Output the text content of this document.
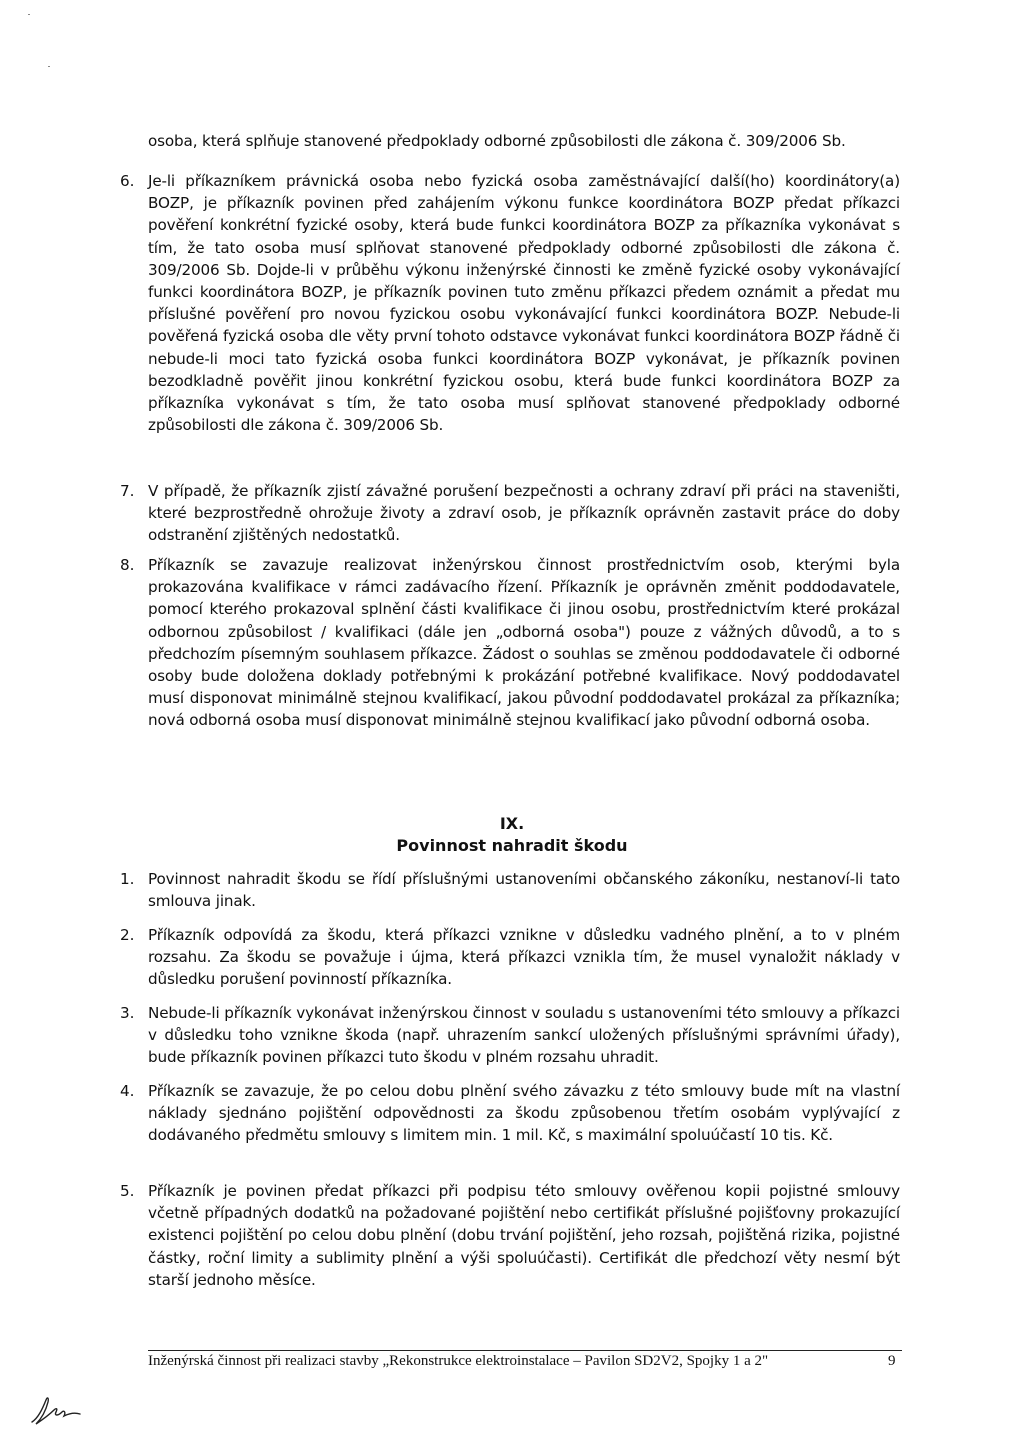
osoba, která splňuje stanovené předpoklady odborné způsobilosti dle zákona č. 309/2006 Sb.
6. Je-li příkazníkem právnická osoba nebo fyzická osoba zaměstnávající další(ho) koordinátory(a) BOZP, je příkazník povinen před zahájením výkonu funkce koordinátora BOZP předat příkazci pověření konkrétní fyzické osoby, která bude funkci koordinátora BOZP za příkazníka vykonávat s tím, že tato osoba musí splňovat stanovené předpoklady odborné způsobilosti dle zákona č. 309/2006 Sb. Dojde-li v průběhu výkonu inženýrské činnosti ke změně fyzické osoby vykonávající funkci koordinátora BOZP, je příkazník povinen tuto změnu příkazci předem oznámit a předat mu příslušné pověření pro novou fyzickou osobu vykonávající funkci koordinátora BOZP. Nebude-li pověřená fyzická osoba dle věty první tohoto odstavce vykonávat funkci koordinátora BOZP řádně či nebude-li moci tato fyzická osoba funkci koordinátora BOZP vykonávat, je příkazník povinen bezodkladně pověřit jinou konkrétní fyzickou osobu, která bude funkci koordinátora BOZP za příkazníka vykonávat s tím, že tato osoba musí splňovat stanovené předpoklady odborné způsobilosti dle zákona č. 309/2006 Sb.
7. V případě, že příkazník zjistí závažné porušení bezpečnosti a ochrany zdraví při práci na staveništi, které bezprostředně ohrožuje životy a zdraví osob, je příkazník oprávněn zastavit práce do doby odstranění zjištěných nedostatků.
8. Příkazník se zavazuje realizovat inženýrskou činnost prostřednictvím osob, kterými byla prokazována kvalifikace v rámci zadávacího řízení. Příkazník je oprávněn změnit poddodavatele, pomocí kterého prokazoval splnění části kvalifikace či jinou osobu, prostřednictvím které prokázal odbornou způsobilost / kvalifikaci (dále jen „odborná osoba") pouze z vážných důvodů, a to s předchozím písemným souhlasem příkazce. Žádost o souhlas se změnou poddodavatele či odborné osoby bude doložena doklady potřebnými k prokázání potřebné kvalifikace. Nový poddodavatel musí disponovat minimálně stejnou kvalifikací, jakou původní poddodavatel prokázal za příkazníka; nová odborná osoba musí disponovat minimálně stejnou kvalifikací jako původní odborná osoba.
IX.
Povinnost nahradit škodu
1. Povinnost nahradit škodu se řídí příslušnými ustanoveními občanského zákoníku, nestanoví-li tato smlouva jinak.
2. Příkazník odpovídá za škodu, která příkazci vznikne v důsledku vadného plnění, a to v plném rozsahu. Za škodu se považuje i újma, která příkazci vznikla tím, že musel vynaložit náklady v důsledku porušení povinností příkazníka.
3. Nebude-li příkazník vykonávat inženýrskou činnost v souladu s ustanoveními této smlouvy a příkazci v důsledku toho vznikne škoda (např. uhrazením sankcí uložených příslušnými správními úřady), bude příkazník povinen příkazci tuto škodu v plném rozsahu uhradit.
4. Příkazník se zavazuje, že po celou dobu plnění svého závazku z této smlouvy bude mít na vlastní náklady sjednáno pojištění odpovědnosti za škodu způsobenou třetím osobám vyplývající z dodávaného předmětu smlouvy s limitem min. 1 mil. Kč, s maximální spoluúčastí 10 tis. Kč.
5. Příkazník je povinen předat příkazci při podpisu této smlouvy ověřenou kopii pojistné smlouvy včetně případných dodatků na požadované pojištění nebo certifikát příslušné pojišťovny prokazující existenci pojištění po celou dobu plnění (dobu trvání pojištění, jeho rozsah, pojištěná rizika, pojistné částky, roční limity a sublimity plnění a výši spoluúčasti). Certifikát dle předchozí věty nesmí být starší jednoho měsíce.
Inženýrská činnost při realizaci stavby „Rekonstrukce elektroinstalace – Pavilon SD2V2, Spojky 1 a 2"	9
